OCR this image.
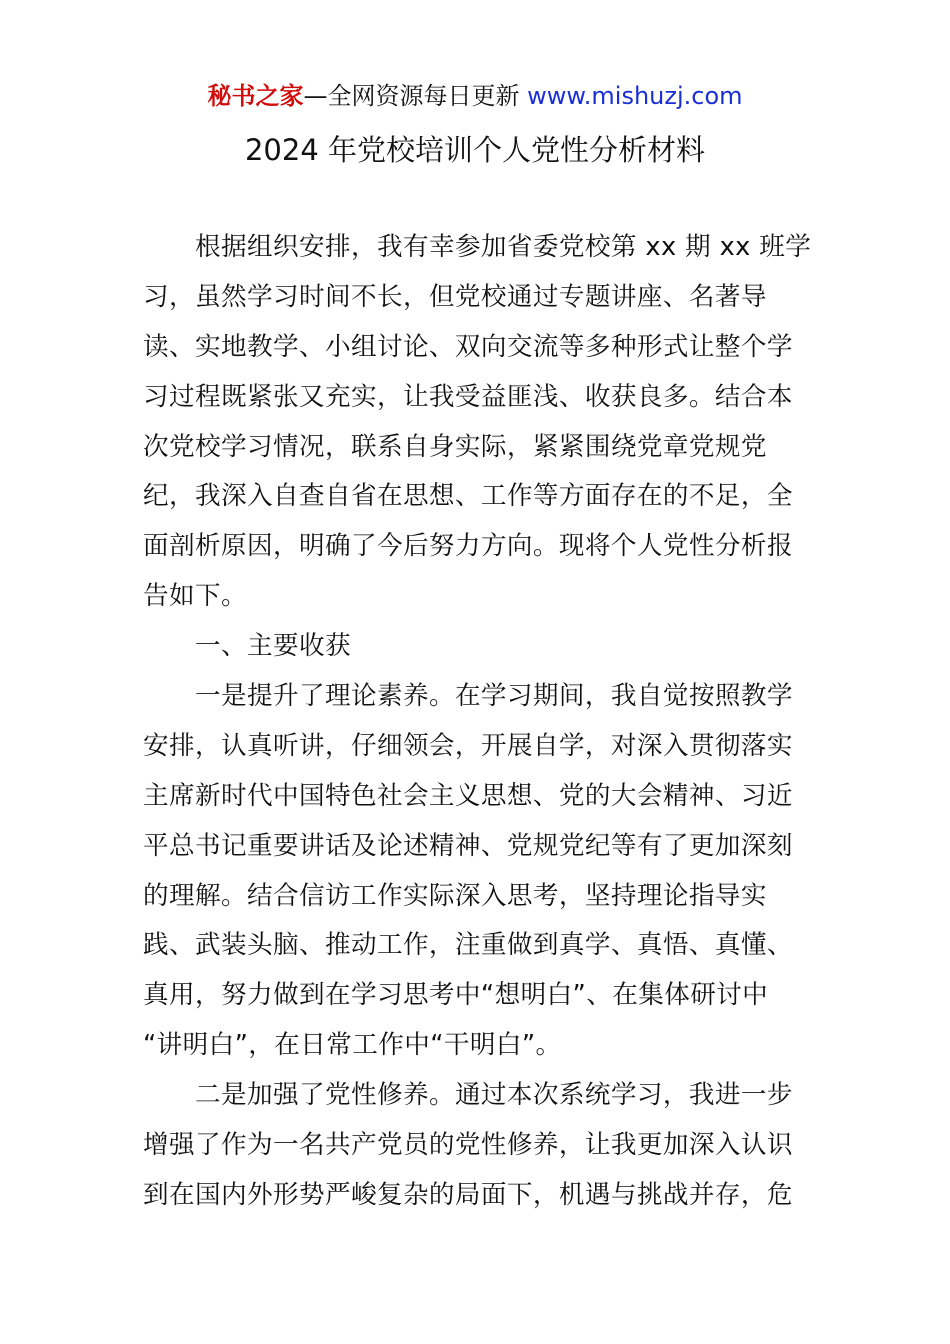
秘书之家—全网资源每日更新 www.mishuzj.com
2024 年党校培训个人党性分析材料
根据组织安排，我有幸参加省委党校第 xx 期 xx 班学
习，虽然学习时间不长，但党校通过专题讲座、名著导
读、实地教学、小组讨论、双向交流等多种形式让整个学
习过程既紧张又充实，让我受益匪浅、收获良多。结合本
次党校学习情况，联系自身实际，紧紧围绕党章党规党
纪，我深入自查自省在思想、工作等方面存在的不足，全
面剖析原因，明确了今后努力方向。现将个人党性分析报
告如下。
一、主要收获
一是提升了理论素养。在学习期间，我自觉按照教学
安排，认真听讲，仔细领会，开展自学，对深入贯彻落实
主席新时代中国特色社会主义思想、党的大会精神、习近
平总书记重要讲话及论述精神、党规党纪等有了更加深刻
的理解。结合信访工作实际深入思考，坚持理论指导实
践、武装头脑、推动工作，注重做到真学、真悟、真懂、
真用，努力做到在学习思考中“想明白”、在集体研讨中
“讲明白”，在日常工作中“干明白”。
二是加强了党性修养。通过本次系统学习，我进一步
增强了作为一名共产党员的党性修养，让我更加深入认识
到在国内外形势严峻复杂的局面下，机遇与挑战并存，危
